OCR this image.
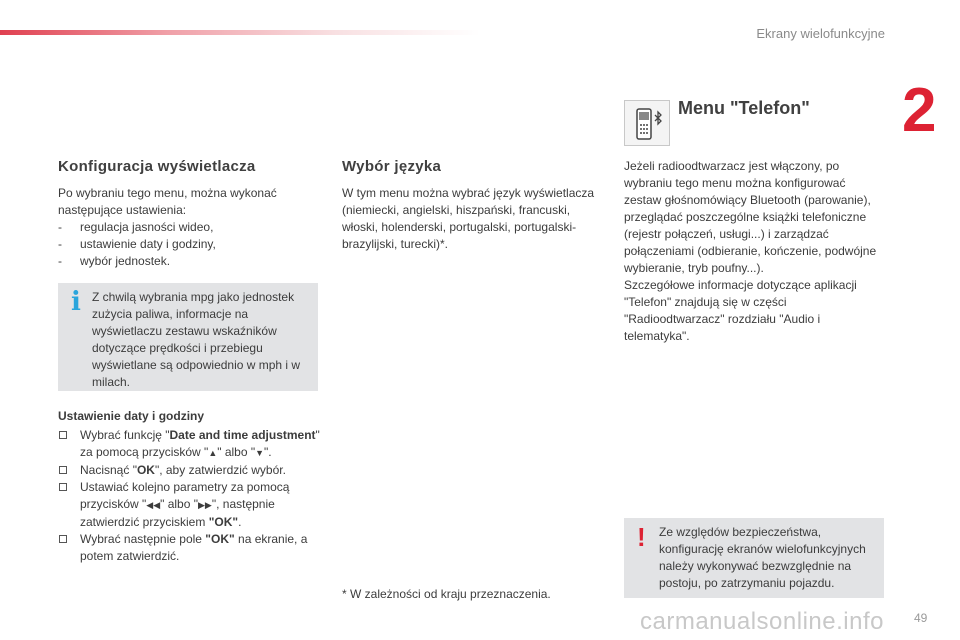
Ekrany wielofunkcyjne
2
Konfiguracja wyświetlacza

Po wybraniu tego menu, można wykonać następujące ustawienia:

- regulacja jasności wideo,
- ustawienie daty i godziny,
- wybór jednostek.
i Z chwilą wybrania mpg jako jednostek zużycia paliwa, informacje na wyświetlaczu zestawu wskaźników dotyczące prędkości i przebiegu wyświetlane są odpowiednio w mph i w milach.

Ustawienie daty i godziny
Wybrać funkcję "Date and time adjustment" za pomocą przycisków "▲" albo "▼".
Nacisnąć "OK", aby zatwierdzić wybór.
Ustawiać kolejno parametry za pomocą przycisków "◀◀" albo "▶▶", następnie zatwierdzić przyciskiem "OK".
Wybrać następnie pole "OK" na ekranie, a potem zatwierdzić.
Wybór języka

W tym menu można wybrać język wyświetlacza (niemiecki, angielski, hiszpański, francuski, włoski, holenderski, portugalski, portugalski-brazylijski, turecki)*.

* W zależności od kraju przeznaczenia.
Menu "Telefon"

Jeżeli radioodtwarzacz jest włączony, po wybraniu tego menu można konfigurować zestaw głośnomówiący Bluetooth (parowanie), przeglądać poszczególne książki telefoniczne (rejestr połączeń, usługi...) i zarządzać połączeniami (odbieranie, kończenie, podwójne wybieranie, tryb poufny...).

Szczegółowe informacje dotyczące aplikacji "Telefon" znajdują się w części "Radioodtwarzacz" rozdziału "Audio i telematyka".

! Ze względów bezpieczeństwa, konfigurację ekranów wielofunkcyjnych należy wykonywać bezwzględnie na postoju, po zatrzymaniu pojazdu.

carmanualsonline.info	49
